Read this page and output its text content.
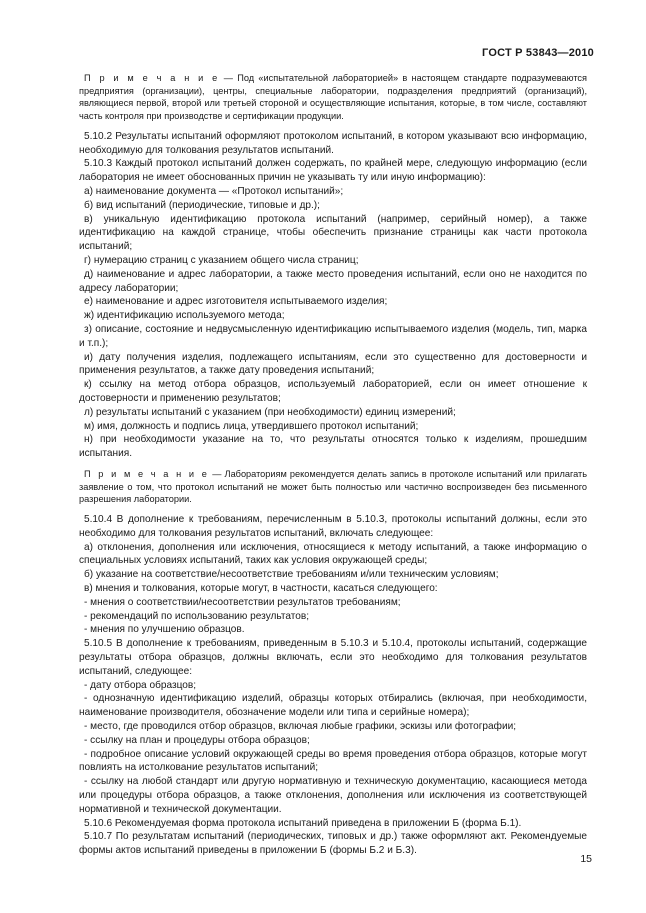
ГОСТ Р 53843—2010

П р и м е ч а н и е — Под «испытательной лабораторией» в настоящем стандарте подразумеваются предприятия (организации), центры, специальные лаборатории, подразделения предприятий (организаций), являющиеся первой, второй или третьей стороной и осуществляющие испытания, которые, в том числе, составляют часть контроля при производстве и сертификации продукции.

5.10.2 Результаты испытаний оформляют протоколом испытаний, в котором указывают всю информацию, необходимую для толкования результатов испытаний.

5.10.3 Каждый протокол испытаний должен содержать, по крайней мере, следующую информацию (если лаборатория не имеет обоснованных причин не указывать ту или иную информацию):

а) наименование документа — «Протокол испытаний»;

б) вид испытаний (периодические, типовые и др.);

в) уникальную идентификацию протокола испытаний (например, серийный номер), а также идентификацию на каждой странице, чтобы обеспечить признание страницы как части протокола испытаний;

г) нумерацию страниц с указанием общего числа страниц;

д) наименование и адрес лаборатории, а также место проведения испытаний, если оно не находится по адресу лаборатории;

е) наименование и адрес изготовителя испытываемого изделия;

ж) идентификацию используемого метода;

з) описание, состояние и недвусмысленную идентификацию испытываемого изделия (модель, тип, марка и т.п.);

и) дату получения изделия, подлежащего испытаниям, если это существенно для достоверности и применения результатов, а также дату проведения испытаний;

к) ссылку на метод отбора образцов, используемый лабораторией, если он имеет отношение к достоверности и применению результатов;

л) результаты испытаний с указанием (при необходимости) единиц измерений;

м) имя, должность и подпись лица, утвердившего протокол испытаний;

н) при необходимости указание на то, что результаты относятся только к изделиям, прошедшим испытания.

П р и м е ч а н и е — Лабораториям рекомендуется делать запись в протоколе испытаний или прилагать заявление о том, что протокол испытаний не может быть полностью или частично воспроизведен без письменного разрешения лаборатории.

5.10.4 В дополнение к требованиям, перечисленным в 5.10.3, протоколы испытаний должны, если это необходимо для толкования результатов испытаний, включать следующее:

а) отклонения, дополнения или исключения, относящиеся к методу испытаний, а также информацию о специальных условиях испытаний, таких как условия окружающей среды;

б) указание на соответствие/несоответствие требованиям и/или техническим условиям;

в) мнения и толкования, которые могут, в частности, касаться следующего:

- мнения о соответствии/несоответствии результатов требованиям;

- рекомендаций по использованию результатов;

- мнения по улучшению образцов.

5.10.5 В дополнение к требованиям, приведенным в 5.10.3 и 5.10.4, протоколы испытаний, содержащие результаты отбора образцов, должны включать, если это необходимо для толкования результатов испытаний, следующее:

- дату отбора образцов;

- однозначную идентификацию изделий, образцы которых отбирались (включая, при необходимости, наименование производителя, обозначение модели или типа и серийные номера);

- место, где проводился отбор образцов, включая любые графики, эскизы или фотографии;

- ссылку на план и процедуры отбора образцов;

- подробное описание условий окружающей среды во время проведения отбора образцов, которые могут повлиять на истолкование результатов испытаний;

- ссылку на любой стандарт или другую нормативную и техническую документацию, касающиеся метода или процедуры отбора образцов, а также отклонения, дополнения или исключения из соответствующей нормативной и технической документации.

5.10.6 Рекомендуемая форма протокола испытаний приведена в приложении Б (форма Б.1).

5.10.7 По результатам испытаний (периодических, типовых и др.) также оформляют акт. Рекомендуемые формы актов испытаний приведены в приложении Б (формы Б.2 и Б.3).

15
